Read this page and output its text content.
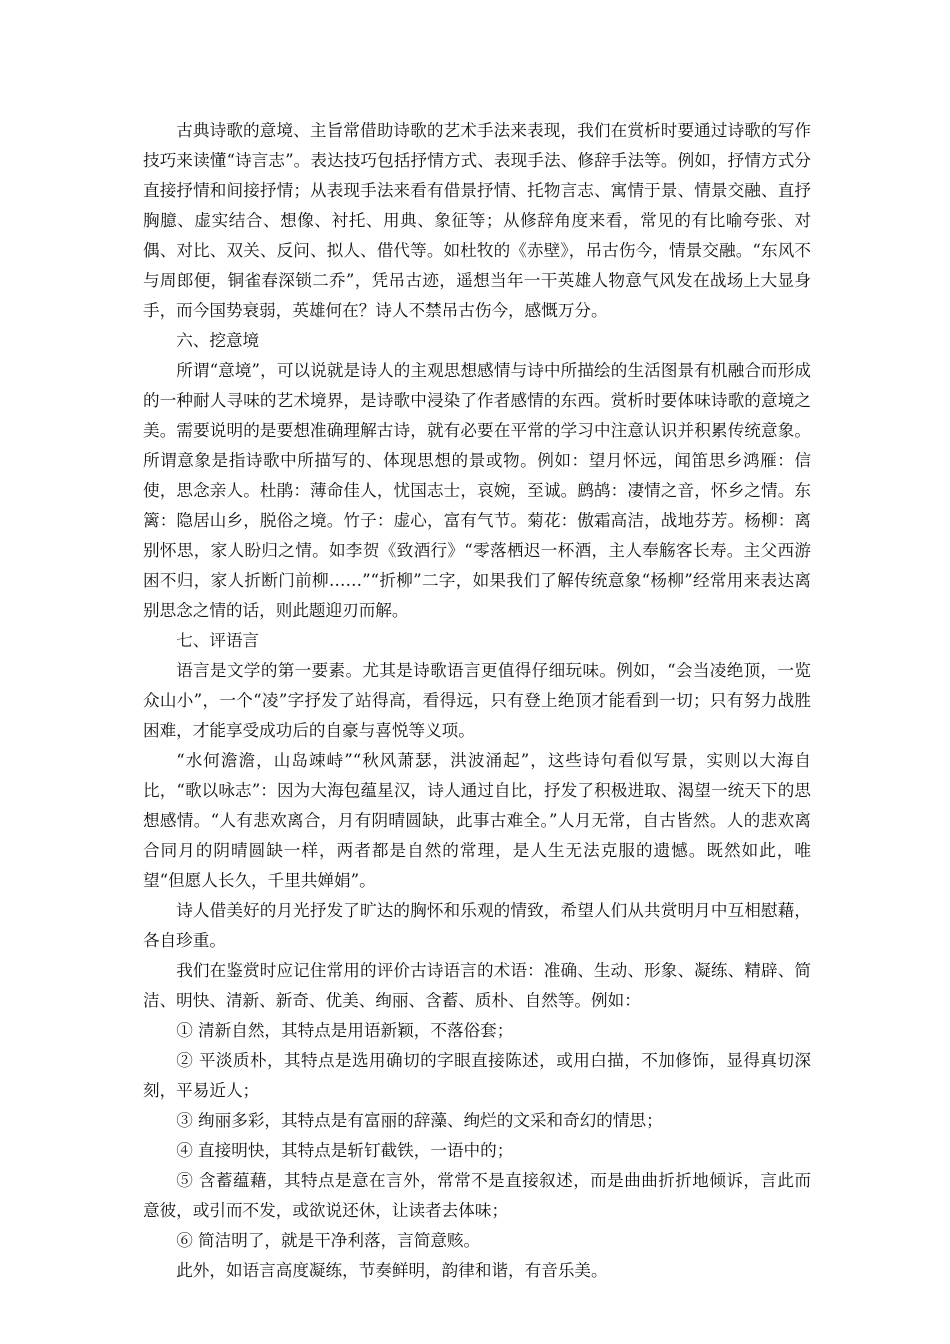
古典诗歌的意境、主旨常借助诗歌的艺术手法来表现，我们在赏析时要通过诗歌的写作技巧来读懂“诗言志”。表达技巧包括抒情方式、表现手法、修辞手法等。例如，抒情方式分直接抒情和间接抒情；从表现手法来看有借景抒情、托物言志、寓情于景、情景交融、直抒胸臆、虚实结合、想像、衬托、用典、象征等；从修辞角度来看，常见的有比喻夸张、对偶、对比、双关、反问、拟人、借代等。如杜牧的《赤壁》，吊古伤今，情景交融。“东风不与周郎便，铜雀春深锁二乔”，凭吊古迹，遥想当年一干英雄人物意气风发在战场上大显身手，而今国势衰弱，英雄何在？诗人不禁吊古伤今，感慨万分。

六、挖意境

所谓“意境”，可以说就是诗人的主观思想感情与诗中所描绘的生活图景有机融合而形成的一种耐人寻味的艺术境界，是诗歌中浸染了作者感情的东西。赏析时要体味诗歌的意境之美。需要说明的是要想准确理解古诗，就有必要在平常的学习中注意认识并积累传统意象。所谓意象是指诗歌中所描写的、体现思想的景或物。例如：望月怀远，闻笛思乡鸿雁：信使，思念亲人。杜鹃：薄命佳人，忧国志士，哀婉，至诚。鹧鸪：凄情之音，怀乡之情。东篱：隐居山乡，脱俗之境。竹子：虚心，富有气节。菊花：傲霜高洁，战地芬芳。杨柳：离别怀思，家人盼归之情。如李贺《致酒行》“零落栖迟一杯酒，主人奉觞客长寿。主父西游困不归，家人折断门前柳……”“折柳”二字，如果我们了解传统意象“杨柳”经常用来表达离别思念之情的话，则此题迎刃而解。

七、评语言

语言是文学的第一要素。尤其是诗歌语言更值得仔细玩味。例如，“会当凌绝顶，一览众山小”，一个“凌”字抒发了站得高，看得远，只有登上绝顶才能看到一切；只有努力战胜困难，才能享受成功后的自豪与喜悦等义项。

“水何澹澹，山岛竦峙”“秋风萧瑟，洪波涌起”，这些诗句看似写景，实则以大海自比，“歌以咏志”：因为大海包蕴星汉，诗人通过自比，抒发了积极进取、渴望一统天下的思想感情。“人有悲欢离合，月有阴晴圆缺，此事古难全。”人月无常，自古皆然。人的悲欢离合同月的阴晴圆缺一样，两者都是自然的常理，是人生无法克服的遗憾。既然如此，唯望“但愿人长久，千里共婵娟”。

诗人借美好的月光抒发了旷达的胸怀和乐观的情致，希望人们从共赏明月中互相慰藉，各自珍重。

我们在鉴赏时应记住常用的评价古诗语言的术语：准确、生动、形象、凝练、精辟、简洁、明快、清新、新奇、优美、绚丽、含蓄、质朴、自然等。例如：

① 清新自然，其特点是用语新颖，不落俗套；

② 平淡质朴，其特点是选用确切的字眼直接陈述，或用白描，不加修饰，显得真切深刻，平易近人；

③ 绚丽多彩，其特点是有富丽的辞藻、绚烂的文采和奇幻的情思；

④ 直接明快，其特点是斩钉截铁，一语中的；

⑤ 含蓄蕴藉，其特点是意在言外，常常不是直接叙述，而是曲曲折折地倾诉，言此而意彼，或引而不发，或欲说还休，让读者去体味；

⑥ 简洁明了，就是干净利落，言简意赅。

此外，如语言高度凝练，节奏鲜明，韵律和谐，有音乐美。
